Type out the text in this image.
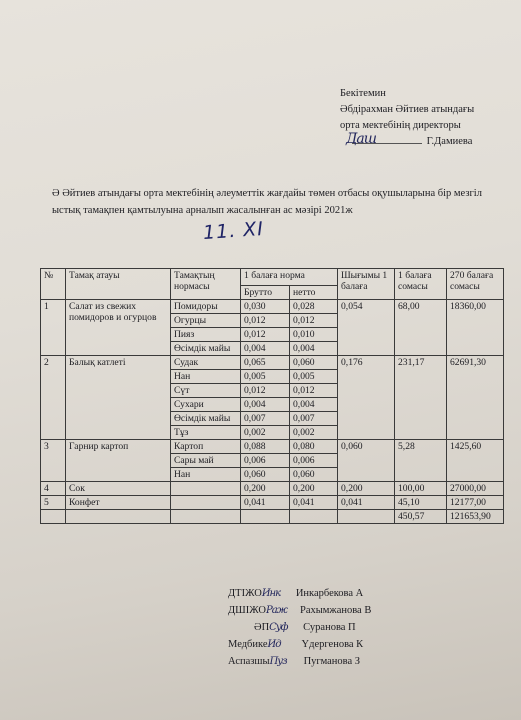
Бекітемин
Әбдірахман Әйтиев атындағы
орта мектебінің директоры
Даш	Г.Дамиева
Ә Әйтиев атындағы орта мектебінің әлеуметтік жағдайы төмен отбасы оқушыларына бір мезгіл ыстық тамақпен қамтылуына арналып жасалынған ас мәзірі 2021ж
11. XI
№	Тамақ атауы	Тамақтың нормасы	1 балаға норма		Шығымы 1 балаға	1 балаға сомасы	270 балаға сомасы
			Брутто	нетто			
1	Салат из свежих помидоров и огурцов	Помидоры	0,030	0,028	0,054	68,00	18360,00
		Огурцы	0,012	0,012			
		Пияз	0,012	0,010			
		Өсімдік майы	0,004	0,004			
2	Балық катлеті	Судак	0,065	0,060	0,176	231,17	62691,30
		Нан	0,005	0,005			
		Сүт	0,012	0,012			
		Сухари	0,004	0,004			
		Өсімдік майы	0,007	0,007			
		Тұз	0,002	0,002			
3	Гарнир картоп	Картоп	0,088	0,080	0,060	5,28	1425,60
		Сары май	0,006	0,006			
		Нан	0,060	0,060			
4	Сок		0,200	0,200	0,200	100,00	27000,00
5	Конфет		0,041	0,041	0,041	45,10	12177,00
						450,57	121653,90
ДТІЖОИнк Инкарбекова А
ДШІЖОРаж Рахымжанова В
ӘПСуф Суранова П
МедбикеИд Үдергенова К
АспазшыПуз Пугманова З
